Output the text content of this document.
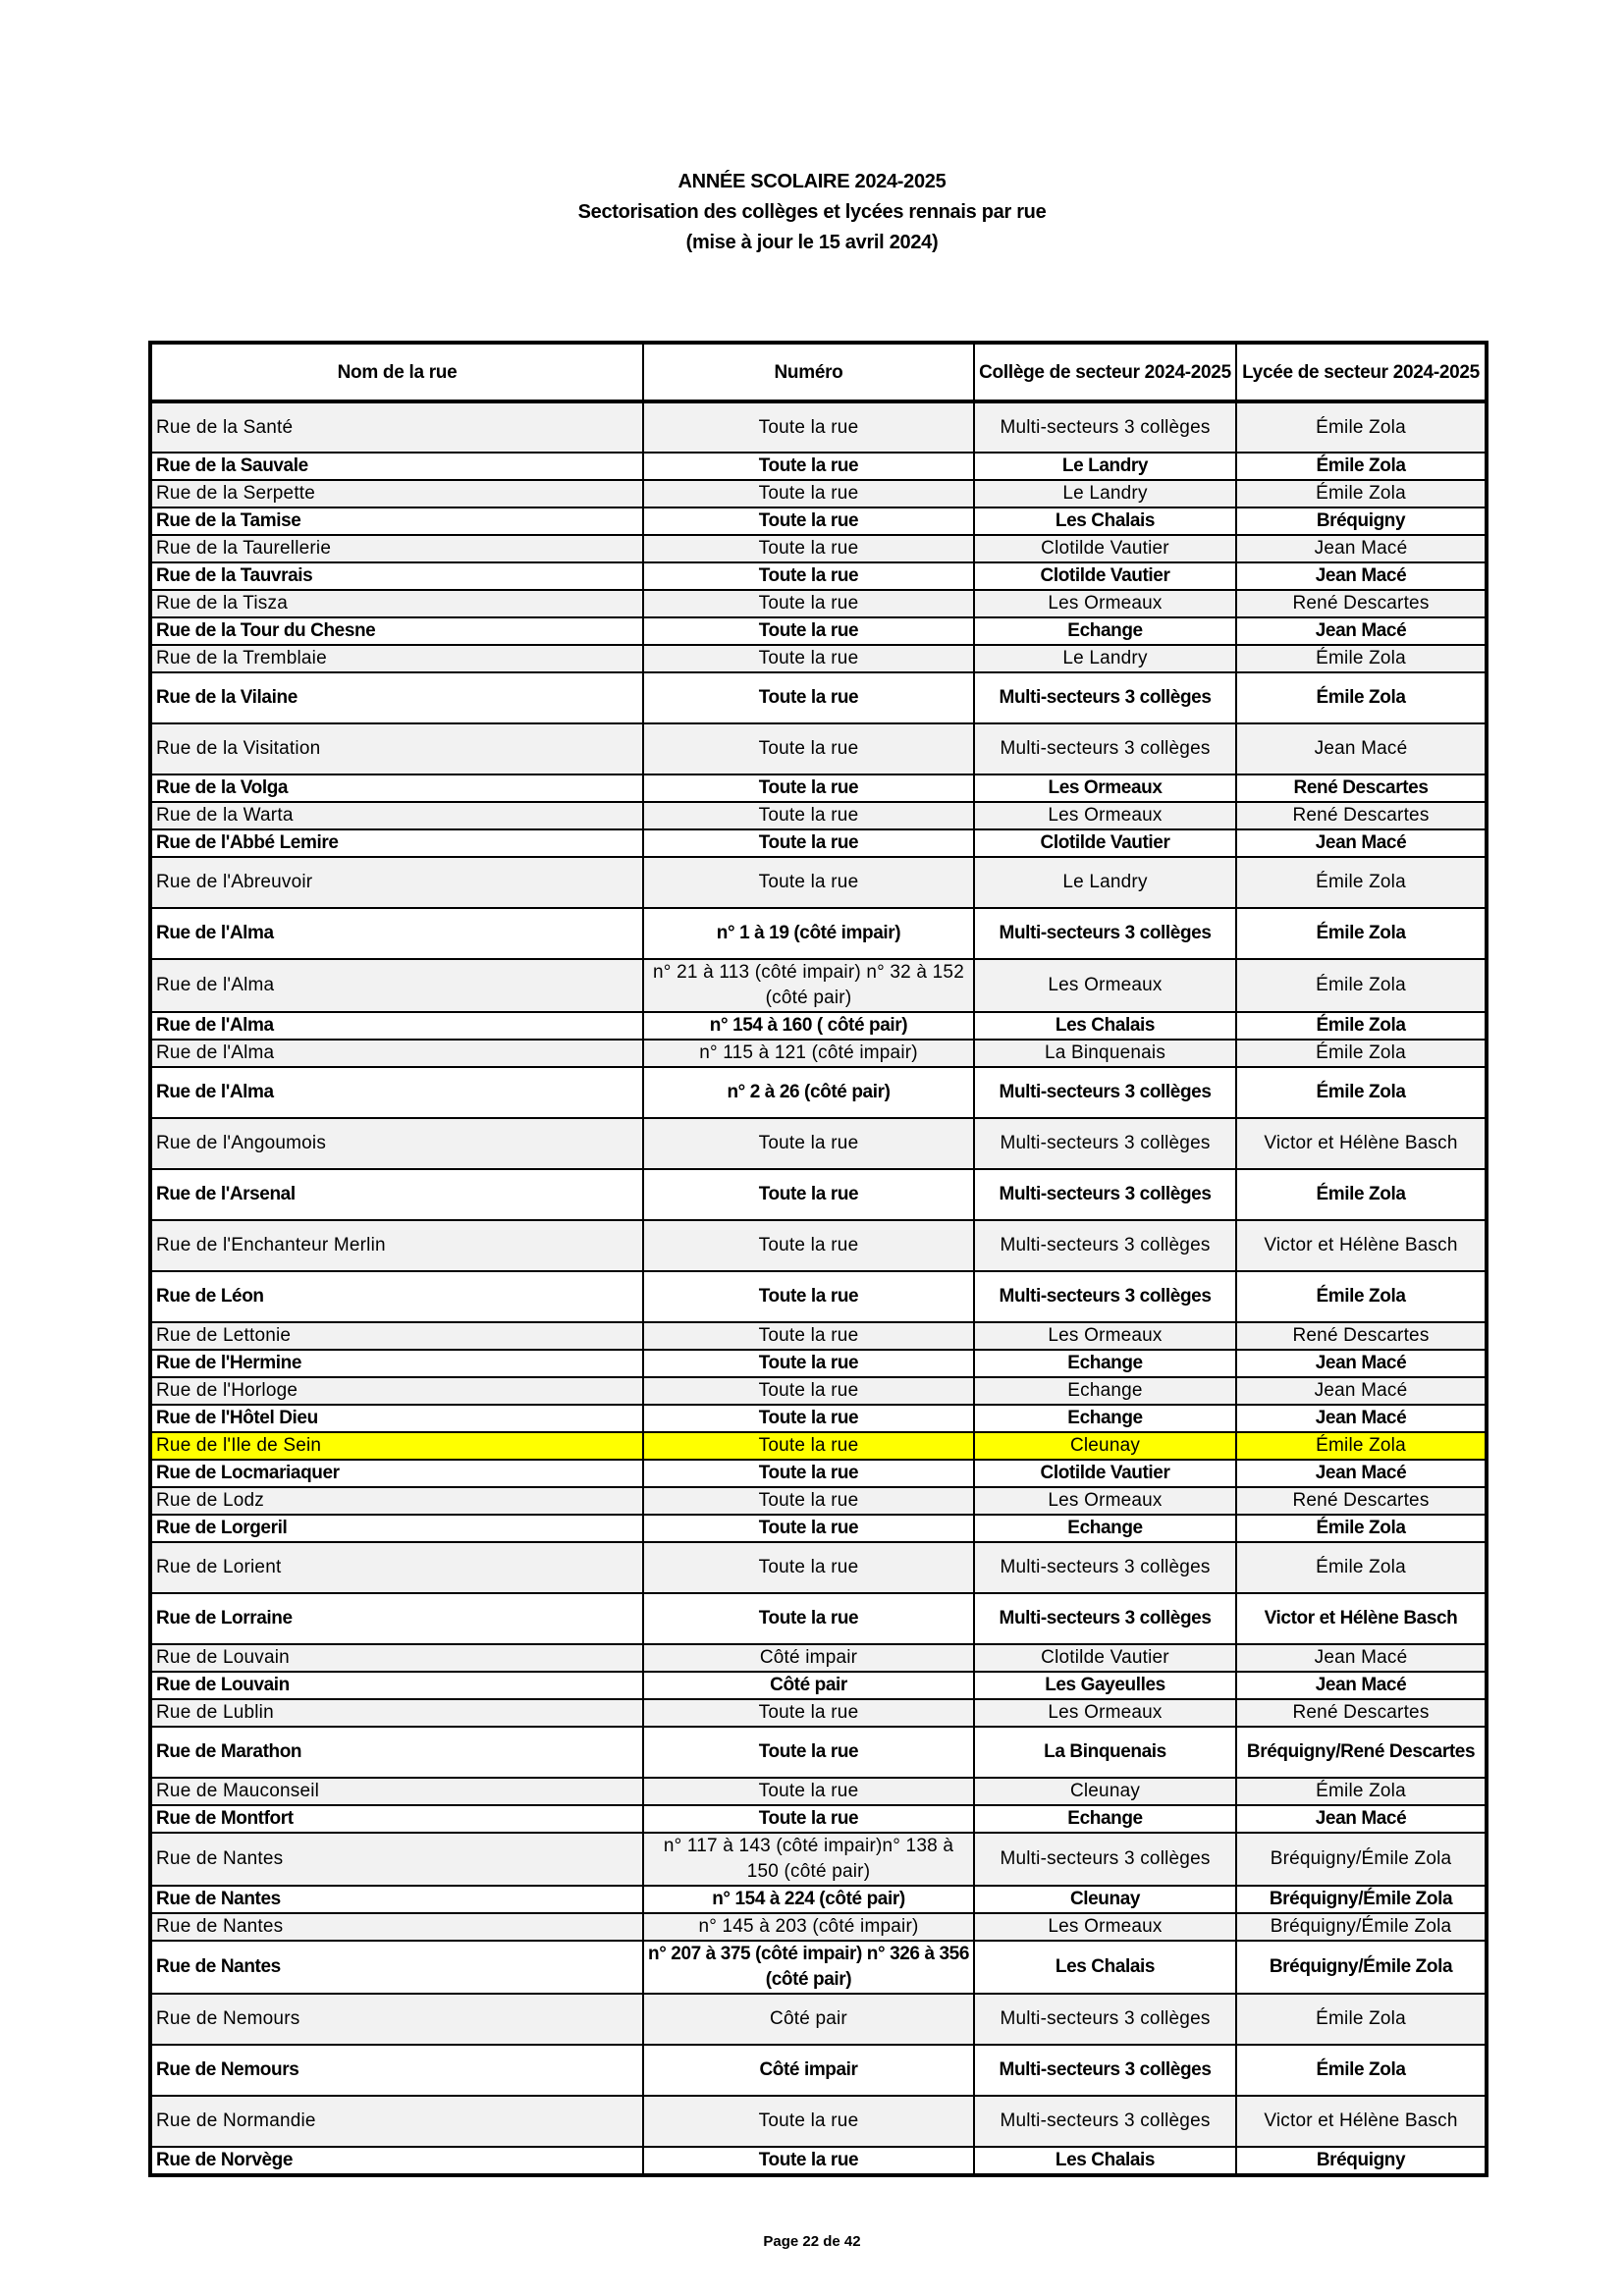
ANNÉE SCOLAIRE 2024-2025
Sectorisation des collèges et lycées rennais par rue
(mise à jour le 15 avril 2024)
Nom de la rue	Numéro	Collège de secteur 2024-2025	Lycée de secteur 2024-2025
Rue de la Santé	Toute la rue	Multi-secteurs 3 collèges	Émile Zola
Rue de la Sauvale	Toute la rue	Le Landry	Émile Zola
Rue de la Serpette	Toute la rue	Le Landry	Émile Zola
Rue de la Tamise	Toute la rue	Les Chalais	Bréquigny
Rue de la Taurellerie	Toute la rue	Clotilde Vautier	Jean Macé
Rue de la Tauvrais	Toute la rue	Clotilde Vautier	Jean Macé
Rue de la Tisza	Toute la rue	Les Ormeaux	René Descartes
Rue de la Tour du Chesne	Toute la rue	Echange	Jean Macé
Rue de la Tremblaie	Toute la rue	Le Landry	Émile Zola
Rue de la Vilaine	Toute la rue	Multi-secteurs 3 collèges	Émile Zola
Rue de la Visitation	Toute la rue	Multi-secteurs 3 collèges	Jean Macé
Rue de la Volga	Toute la rue	Les Ormeaux	René Descartes
Rue de la Warta	Toute la rue	Les Ormeaux	René Descartes
Rue de l'Abbé Lemire	Toute la rue	Clotilde Vautier	Jean Macé
Rue de l'Abreuvoir	Toute la rue	Le Landry	Émile Zola
Rue de l'Alma	n° 1 à 19 (côté impair)	Multi-secteurs 3 collèges	Émile Zola
Rue de l'Alma	n° 21 à 113 (côté impair) n° 32 à 152 (côté pair)	Les Ormeaux	Émile Zola
Rue de l'Alma	n° 154 à 160 ( côté pair)	Les Chalais	Émile Zola
Rue de l'Alma	n° 115 à 121 (côté impair)	La Binquenais	Émile Zola
Rue de l'Alma	n° 2 à 26 (côté pair)	Multi-secteurs 3 collèges	Émile Zola
Rue de l'Angoumois	Toute la rue	Multi-secteurs 3 collèges	Victor et Hélène Basch
Rue de l'Arsenal	Toute la rue	Multi-secteurs 3 collèges	Émile Zola
Rue de l'Enchanteur Merlin	Toute la rue	Multi-secteurs 3 collèges	Victor et Hélène Basch
Rue de Léon	Toute la rue	Multi-secteurs 3 collèges	Émile Zola
Rue de Lettonie	Toute la rue	Les Ormeaux	René Descartes
Rue de l'Hermine	Toute la rue	Echange	Jean Macé
Rue de l'Horloge	Toute la rue	Echange	Jean Macé
Rue de l'Hôtel Dieu	Toute la rue	Echange	Jean Macé
Rue de l'Ile de Sein	Toute la rue	Cleunay	Émile Zola
Rue de Locmariaquer	Toute la rue	Clotilde Vautier	Jean Macé
Rue de Lodz	Toute la rue	Les Ormeaux	René Descartes
Rue de Lorgeril	Toute la rue	Echange	Émile Zola
Rue de Lorient	Toute la rue	Multi-secteurs 3 collèges	Émile Zola
Rue de Lorraine	Toute la rue	Multi-secteurs 3 collèges	Victor et Hélène Basch
Rue de Louvain	Côté impair	Clotilde Vautier	Jean Macé
Rue de Louvain	Côté pair	Les Gayeulles	Jean Macé
Rue de Lublin	Toute la rue	Les Ormeaux	René Descartes
Rue de Marathon	Toute la rue	La Binquenais	Bréquigny/René Descartes
Rue de Mauconseil	Toute la rue	Cleunay	Émile Zola
Rue de Montfort	Toute la rue	Echange	Jean Macé
Rue de Nantes	n° 117 à 143 (côté impair)n° 138 à 150 (côté pair)	Multi-secteurs 3 collèges	Bréquigny/Émile Zola
Rue de Nantes	n° 154 à 224 (côté pair)	Cleunay	Bréquigny/Émile Zola
Rue de Nantes	n° 145 à 203 (côté impair)	Les Ormeaux	Bréquigny/Émile Zola
Rue de Nantes	n° 207 à 375 (côté impair) n° 326 à 356 (côté pair)	Les Chalais	Bréquigny/Émile Zola
Rue de Nemours	Côté pair	Multi-secteurs 3 collèges	Émile Zola
Rue de Nemours	Côté impair	Multi-secteurs 3 collèges	Émile Zola
Rue de Normandie	Toute la rue	Multi-secteurs 3 collèges	Victor et Hélène Basch
Rue de Norvège	Toute la rue	Les Chalais	Bréquigny
Page 22 de 42
